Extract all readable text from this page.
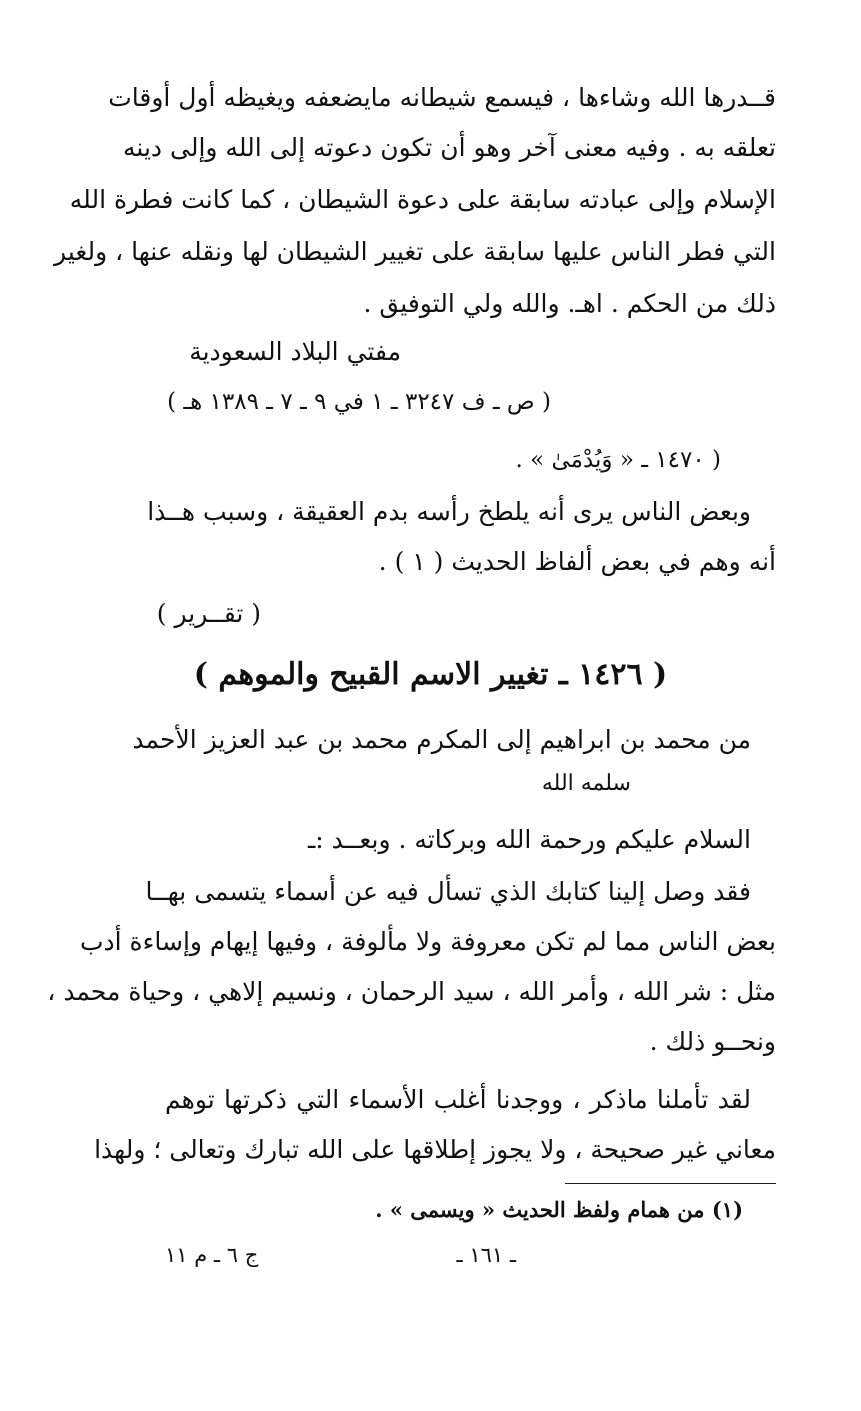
قــدرها الله وشاءها ، فيسمع شيطانه مايضعفه ويغيظه أول أوقات
تعلقه به . وفيه معنى آخر وهو أن تكون دعوته إلى الله وإلى دينه
الإسلام وإلى عبادته سابقة على دعوة الشيطان ، كما كانت فطرة الله
التي فطر الناس عليها سابقة على تغيير الشيطان لها ونقله عنها ، ولغير
ذلك من الحكم . اهـ. والله ولي التوفيق .
مفتي البلاد السعودية
( ص ـ ف ٣٢٤٧ ـ ١ في ٩ ـ ٧ ـ ١٣٨٩ هـ )
( ١٤٧٠ ـ « وَيُدْمَىٰ » .
وبعض الناس يرى أنه يلطخ رأسه بدم العقيقة ، وسبب هــذا
أنه وهم في بعض ألفاظ الحديث ( ١ ) .
( تقــرير )
( ١٤٢٦ ـ تغيير الاسم القبيح والموهم )
من محمد بن ابراهيم إلى المكرم محمد بن عبد العزيز الأحمد
سلمه الله
السلام عليكم ورحمة الله وبركاته . وبعــد :ـ
فقد وصل إلينا كتابك الذي تسأل فيه عن أسماء يتسمى بهــا
بعض الناس مما لم تكن معروفة ولا مألوفة ، وفيها إيهام وإساءة أدب
مثل : شر الله ، وأمر الله ، سيد الرحمان ، ونسيم إلاهي ، وحياة محمد ،
ونحــو ذلك .
لقد تأملنا ماذكر ، ووجدنا أغلب الأسماء التي ذكرتها توهم
معاني غير صحيحة ، ولا يجوز إطلاقها على الله تبارك وتعالى ؛ ولهذا
(١) من همام ولفظ الحديث « ويسمى » .
ـ ١٦١ ـ
ج ٦ ـ م ١١
